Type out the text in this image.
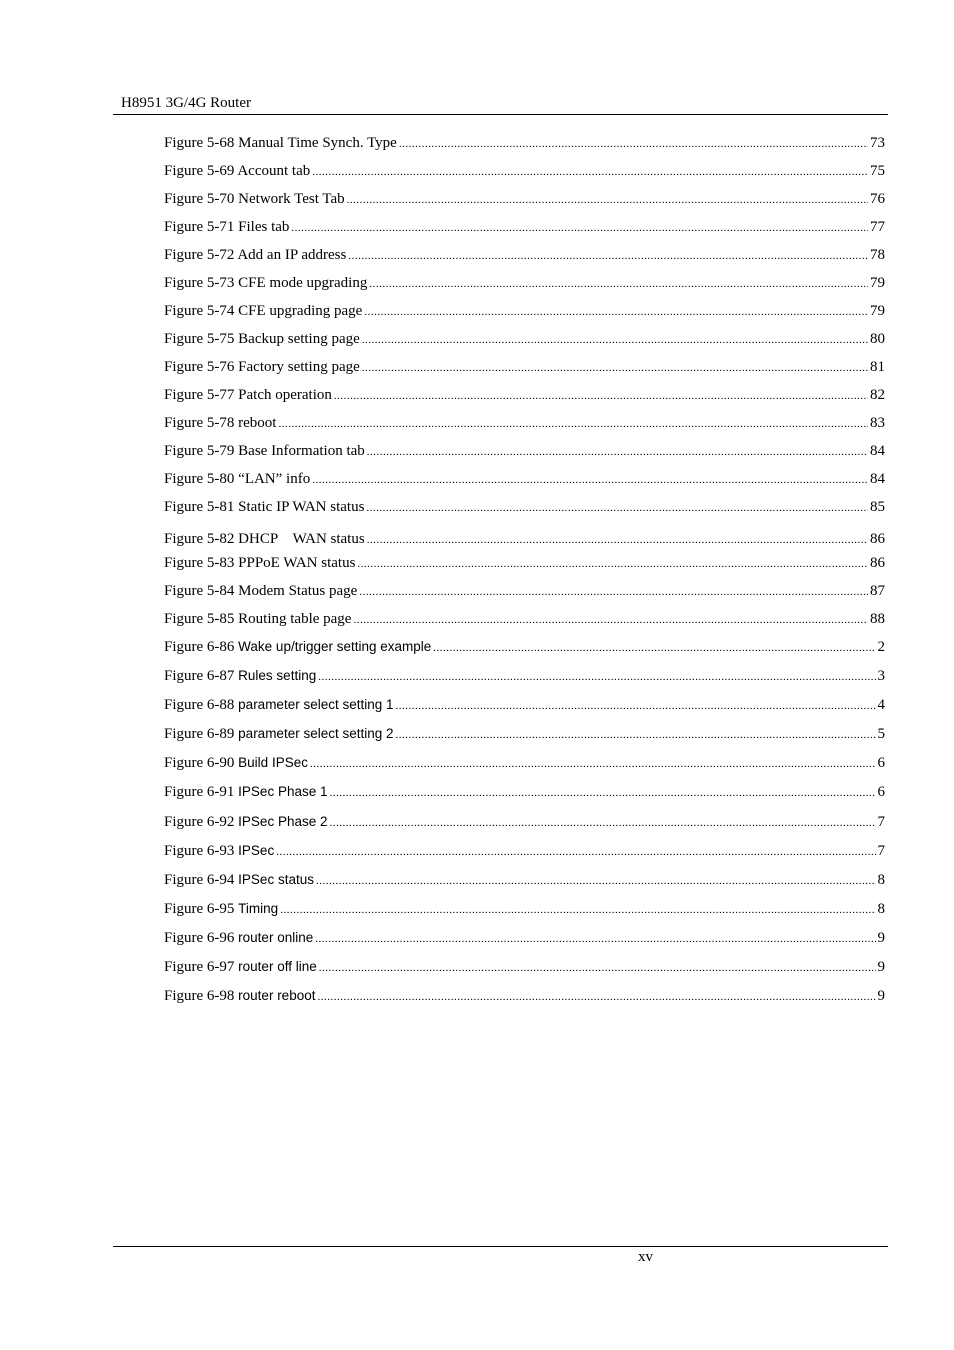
H8951 3G/4G Router
Figure 5-68 Manual Time Synch. Type .....	73
Figure 5-69 Account tab .....	75
Figure 5-70 Network Test Tab .....	76
Figure 5-71 Files tab .....	77
Figure 5-72 Add an IP address .....	78
Figure 5-73 CFE mode upgrading .....	79
Figure 5-74 CFE upgrading page .....	79
Figure 5-75 Backup setting page .....	80
Figure 5-76 Factory setting page .....	81
Figure 5-77 Patch operation .....	82
Figure 5-78 reboot .....	83
Figure 5-79 Base Information tab .....	84
Figure 5-80 “LAN” info .....	84
Figure 5-81 Static IP WAN status .....	85
Figure 5-82 DHCP　WAN status .....	86
Figure 5-83 PPPoE WAN status .....	86
Figure 5-84 Modem Status page .....	87
Figure 5-85 Routing table page .....	88
Figure 6-86 Wake up/trigger setting example .....	2
Figure 6-87 Rules setting .....	3
Figure 6-88 parameter select setting 1 .....	4
Figure 6-89 parameter select setting 2 .....	5
Figure 6-90 Build IPSec .....	6
Figure 6-91 IPSec Phase 1 .....	6
Figure 6-92 IPSec Phase 2 .....	7
Figure 6-93 IPSec .....	7
Figure 6-94 IPSec status .....	8
Figure 6-95 Timing .....	8
Figure 6-96 router online .....	9
Figure 6-97 router off line .....	9
Figure 6-98 router reboot .....	9
xv
